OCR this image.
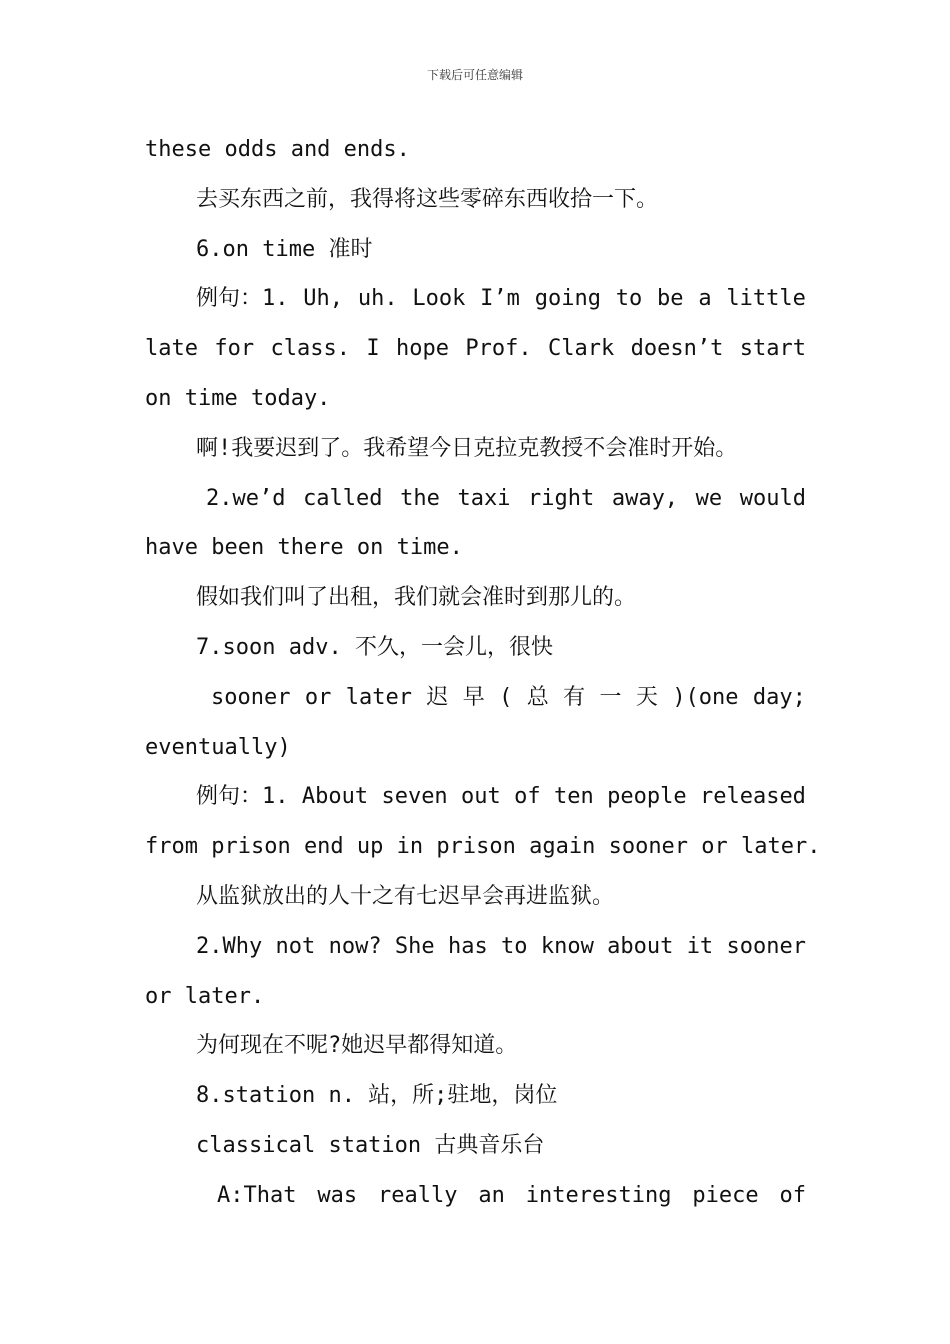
下载后可任意编辑
these odds and ends.
去买东西之前，我得将这些零碎东西收拾一下。
6.on time 准时
例句：1. Uh, uh. Look I’m going to be a little
late for class. I hope Prof. Clark doesn’t start
on time today.
啊!我要迟到了。我希望今日克拉克教授不会准时开始。
2.we’d called the taxi right away, we would
have been there on time.
假如我们叫了出租，我们就会准时到那儿的。
7.soon adv. 不久，一会儿，很快
sooner or later 迟 早 ( 总 有 一 天 )(one day;
eventually)
例句：1. About seven out of ten people released
from prison end up in prison again sooner or later.
从监狱放出的人十之有七迟早会再进监狱。
2.Why not now? She has to know about it sooner
or later.
为何现在不呢?她迟早都得知道。
8.station n. 站，所;驻地，岗位
classical station 古典音乐台
A:That was really an interesting piece of
